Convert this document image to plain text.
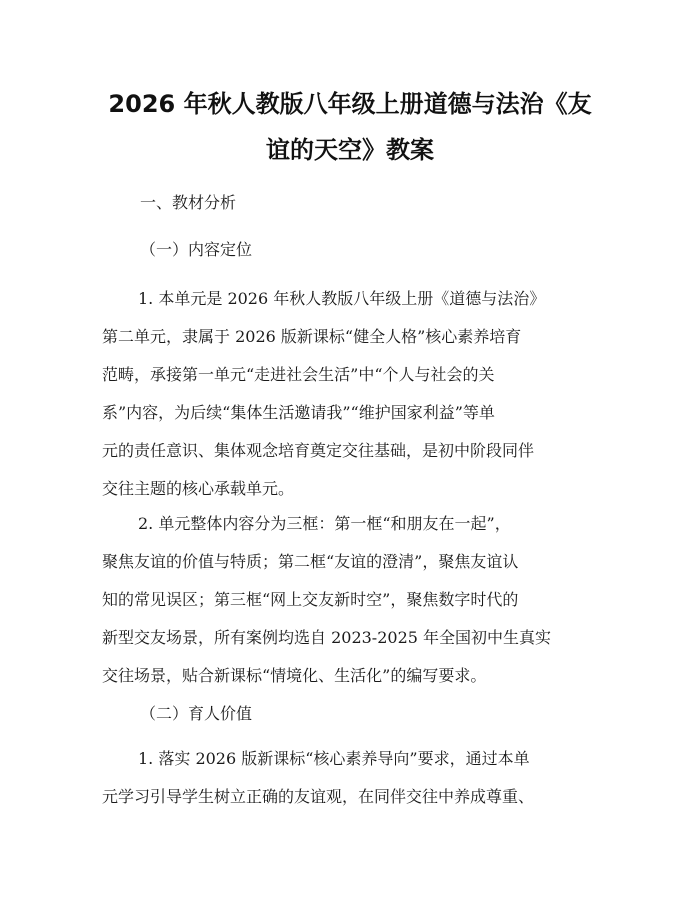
2026 年秋人教版八年级上册道德与法治《友
谊的天空》教案
一、教材分析
（一）内容定位
1. 本单元是 2026 年秋人教版八年级上册《道德与法治》
第二单元，隶属于 2026 版新课标“健全人格”核心素养培育
范畴，承接第一单元“走进社会生活”中“个人与社会的关
系”内容，为后续“集体生活邀请我”“维护国家利益”等单
元的责任意识、集体观念培育奠定交往基础，是初中阶段同伴
交往主题的核心承载单元。
2. 单元整体内容分为三框：第一框“和朋友在一起”，
聚焦友谊的价值与特质；第二框“友谊的澄清”，聚焦友谊认
知的常见误区；第三框“网上交友新时空”，聚焦数字时代的
新型交友场景，所有案例均选自 2023-2025 年全国初中生真实
交往场景，贴合新课标“情境化、生活化”的编写要求。
（二）育人价值
1. 落实 2026 版新课标“核心素养导向”要求，通过本单
元学习引导学生树立正确的友谊观，在同伴交往中养成尊重、
